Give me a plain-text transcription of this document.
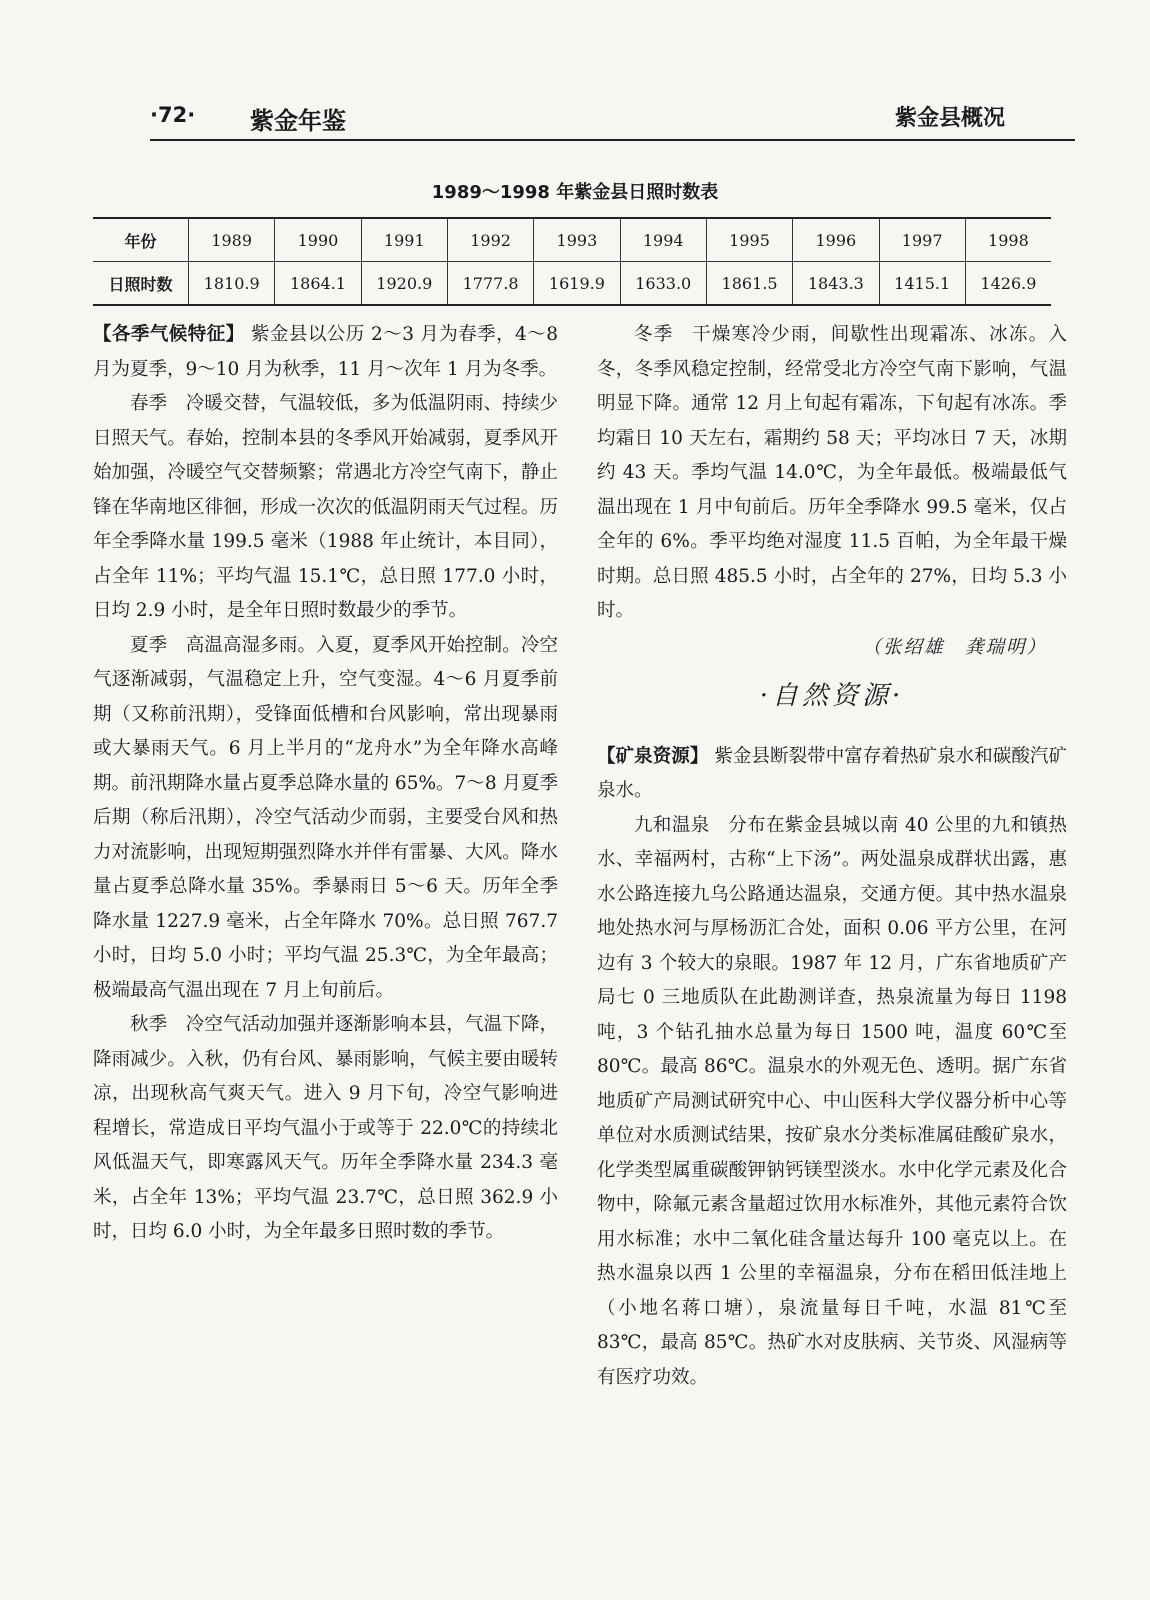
·72· 紫金年鉴	紫金县概况
1989～1998 年紫金县日照时数表
年份	1989	1990	1991	1992	1993	1994	1995	1996	1997	1998
日照时数	1810.9	1864.1	1920.9	1777.8	1619.9	1633.0	1861.5	1843.3	1415.1	1426.9

【各季气候特征】 紫金县以公历 2～3 月为春季，4～8 月为夏季，9～10 月为秋季，11 月～次年 1 月为冬季。

春季 冷暖交替，气温较低，多为低温阴雨、持续少日照天气。春始，控制本县的冬季风开始减弱，夏季风开始加强，冷暖空气交替频繁；常遇北方冷空气南下，静止锋在华南地区徘徊，形成一次次的低温阴雨天气过程。历年全季降水量 199.5 毫米（1988 年止统计，本目同），占全年 11%；平均气温 15.1℃，总日照 177.0 小时，日均 2.9 小时，是全年日照时数最少的季节。

夏季 高温高湿多雨。入夏，夏季风开始控制。冷空气逐渐减弱，气温稳定上升，空气变湿。4～6 月夏季前期（又称前汛期），受锋面低槽和台风影响，常出现暴雨或大暴雨天气。6 月上半月的“龙舟水”为全年降水高峰期。前汛期降水量占夏季总降水量的 65%。7～8 月夏季后期（称后汛期），冷空气活动少而弱，主要受台风和热力对流影响，出现短期强烈降水并伴有雷暴、大风。降水量占夏季总降水量 35%。季暴雨日 5～6 天。历年全季降水量 1227.9 毫米，占全年降水 70%。总日照 767.7 小时，日均 5.0 小时；平均气温 25.3℃，为全年最高；极端最高气温出现在 7 月上旬前后。

秋季 冷空气活动加强并逐渐影响本县，气温下降，降雨减少。入秋，仍有台风、暴雨影响，气候主要由暖转凉，出现秋高气爽天气。进入 9 月下旬，冷空气影响进程增长，常造成日平均气温小于或等于 22.0℃的持续北风低温天气，即寒露风天气。历年全季降水量 234.3 毫米，占全年 13%；平均气温 23.7℃，总日照 362.9 小时，日均 6.0 小时，为全年最多日照时数的季节。

冬季 干燥寒冷少雨，间歇性出现霜冻、冰冻。入冬，冬季风稳定控制，经常受北方冷空气南下影响，气温明显下降。通常 12 月上旬起有霜冻，下旬起有冰冻。季均霜日 10 天左右，霜期约 58 天；平均冰日 7 天，冰期约 43 天。季均气温 14.0℃，为全年最低。极端最低气温出现在 1 月中旬前后。历年全季降水 99.5 毫米，仅占全年的 6%。季平均绝对湿度 11.5 百帕，为全年最干燥时期。总日照 485.5 小时，占全年的 27%，日均 5.3 小时。

（张绍雄　龚瑞明）
·自然资源·

【矿泉资源】 紫金县断裂带中富存着热矿泉水和碳酸汽矿泉水。

九和温泉 分布在紫金县城以南 40 公里的九和镇热水、幸福两村，古称“上下汤”。两处温泉成群状出露，惠水公路连接九乌公路通达温泉，交通方便。其中热水温泉地处热水河与厚杨沥汇合处，面积 0.06 平方公里，在河边有 3 个较大的泉眼。1987 年 12 月，广东省地质矿产局七 0 三地质队在此勘测详查，热泉流量为每日 1198 吨，3 个钻孔抽水总量为每日 1500 吨，温度 60℃至 80℃。最高 86℃。温泉水的外观无色、透明。据广东省地质矿产局测试研究中心、中山医科大学仪器分析中心等单位对水质测试结果，按矿泉水分类标准属硅酸矿泉水，化学类型属重碳酸钾钠钙镁型淡水。水中化学元素及化合物中，除氟元素含量超过饮用水标准外，其他元素符合饮用水标准；水中二氧化硅含量达每升 100 毫克以上。在热水温泉以西 1 公里的幸福温泉，分布在稻田低洼地上（小地名蒋口塘），泉流量每日千吨，水温 81℃至 83℃，最高 85℃。热矿水对皮肤病、关节炎、风湿病等有医疗功效。
